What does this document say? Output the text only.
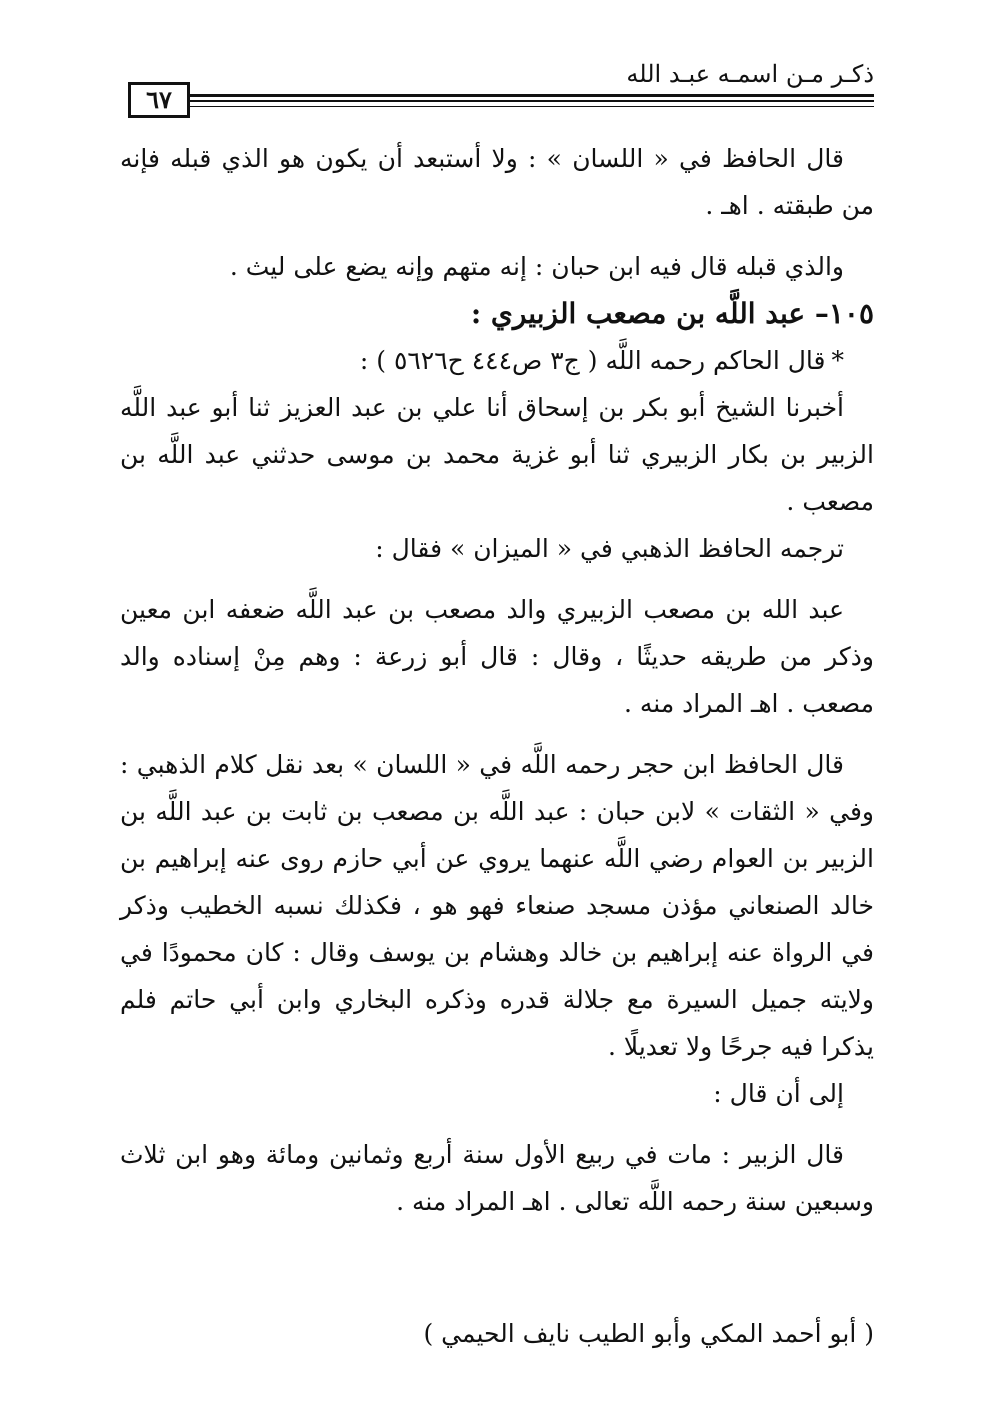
ذكـر مـن اسمـه عبـد الله
٦٧

قال الحافظ في « اللسان » : ولا أستبعد أن يكون هو الذي قبله فإنه من طبقته . اهـ .

والذي قبله قال فيه ابن حبان : إنه متهم وإنه يضع على ليث .

١٠٥– عبد اللَّه بن مصعب الزبيري :

*قال الحاكم رحمه اللَّه ( ج٣ ص٤٤٤ ح٥٦٢٦ ) :

أخبرنا الشيخ أبو بكر بن إسحاق أنا علي بن عبد العزيز ثنا أبو عبد اللَّه الزبير بن بكار الزبيري ثنا أبو غزية محمد بن موسى حدثني عبد اللَّه بن مصعب .

ترجمه الحافظ الذهبي في « الميزان » فقال :

عبد الله بن مصعب الزبيري والد مصعب بن عبد اللَّه ضعفه ابن معين وذكر من طريقه حديثًا ، وقال : قال أبو زرعة : وهم مِنْ إسناده والد مصعب . اهـ المراد منه .

قال الحافظ ابن حجر رحمه اللَّه في « اللسان » بعد نقل كلام الذهبي : وفي « الثقات » لابن حبان : عبد اللَّه بن مصعب بن ثابت بن عبد اللَّه بن الزبير بن العوام رضي اللَّه عنهما يروي عن أبي حازم روى عنه إبراهيم بن خالد الصنعاني مؤذن مسجد صنعاء فهو هو ، فكذلك نسبه الخطيب وذكر في الرواة عنه إبراهيم بن خالد وهشام بن يوسف وقال : كان محمودًا في ولايته جميل السيرة مع جلالة قدره وذكره البخاري وابن أبي حاتم فلم يذكرا فيه جرحًا ولا تعديلًا .

إلى أن قال :

قال الزبير : مات في ربيع الأول سنة أربع وثمانين ومائة وهو ابن ثلاث وسبعين سنة رحمه اللَّه تعالى . اهـ المراد منه .

( أبو أحمد المكي وأبو الطيب نايف الحيمي )
